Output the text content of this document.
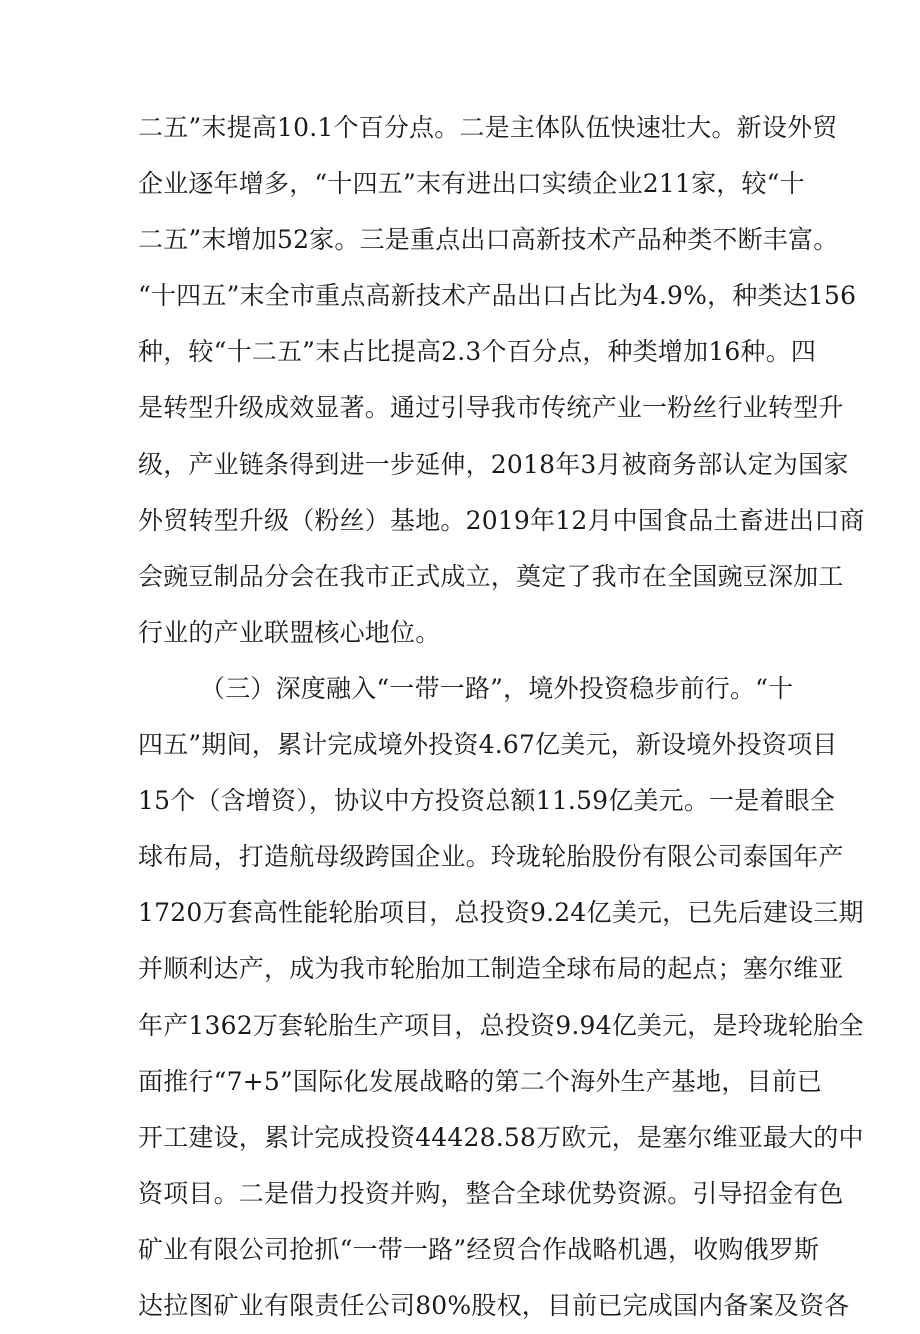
二五”末提高10.1个百分点。二是主体队伍快速壮大。新设外贸
企业逐年增多，“十四五”末有进出口实绩企业211家，较“十
二五”末增加52家。三是重点出口高新技术产品种类不断丰富。
“十四五”末全市重点高新技术产品出口占比为4.9%，种类达156
种，较“十二五”末占比提高2.3个百分点，种类增加16种。四
是转型升级成效显著。通过引导我市传统产业一粉丝行业转型升
级，产业链条得到进一步延伸，2018年3月被商务部认定为国家
外贸转型升级（粉丝）基地。2019年12月中国食品土畜进出口商
会豌豆制品分会在我市正式成立，奠定了我市在全国豌豆深加工
行业的产业联盟核心地位。
（三）深度融入“一带一路”，境外投资稳步前行。“十
四五”期间，累计完成境外投资4.67亿美元，新设境外投资项目
15个（含增资），协议中方投资总额11.59亿美元。一是着眼全
球布局，打造航母级跨国企业。玲珑轮胎股份有限公司泰国年产
1720万套高性能轮胎项目，总投资9.24亿美元，已先后建设三期
并顺利达产，成为我市轮胎加工制造全球布局的起点；塞尔维亚
年产1362万套轮胎生产项目，总投资9.94亿美元，是玲珑轮胎全
面推行“7+5”国际化发展战略的第二个海外生产基地，目前已
开工建设，累计完成投资44428.58万欧元，是塞尔维亚最大的中
资项目。二是借力投资并购，整合全球优势资源。引导招金有色
矿业有限公司抢抓“一带一路”经贸合作战略机遇，收购俄罗斯
达拉图矿业有限责任公司80%股权，目前已完成国内备案及资各
